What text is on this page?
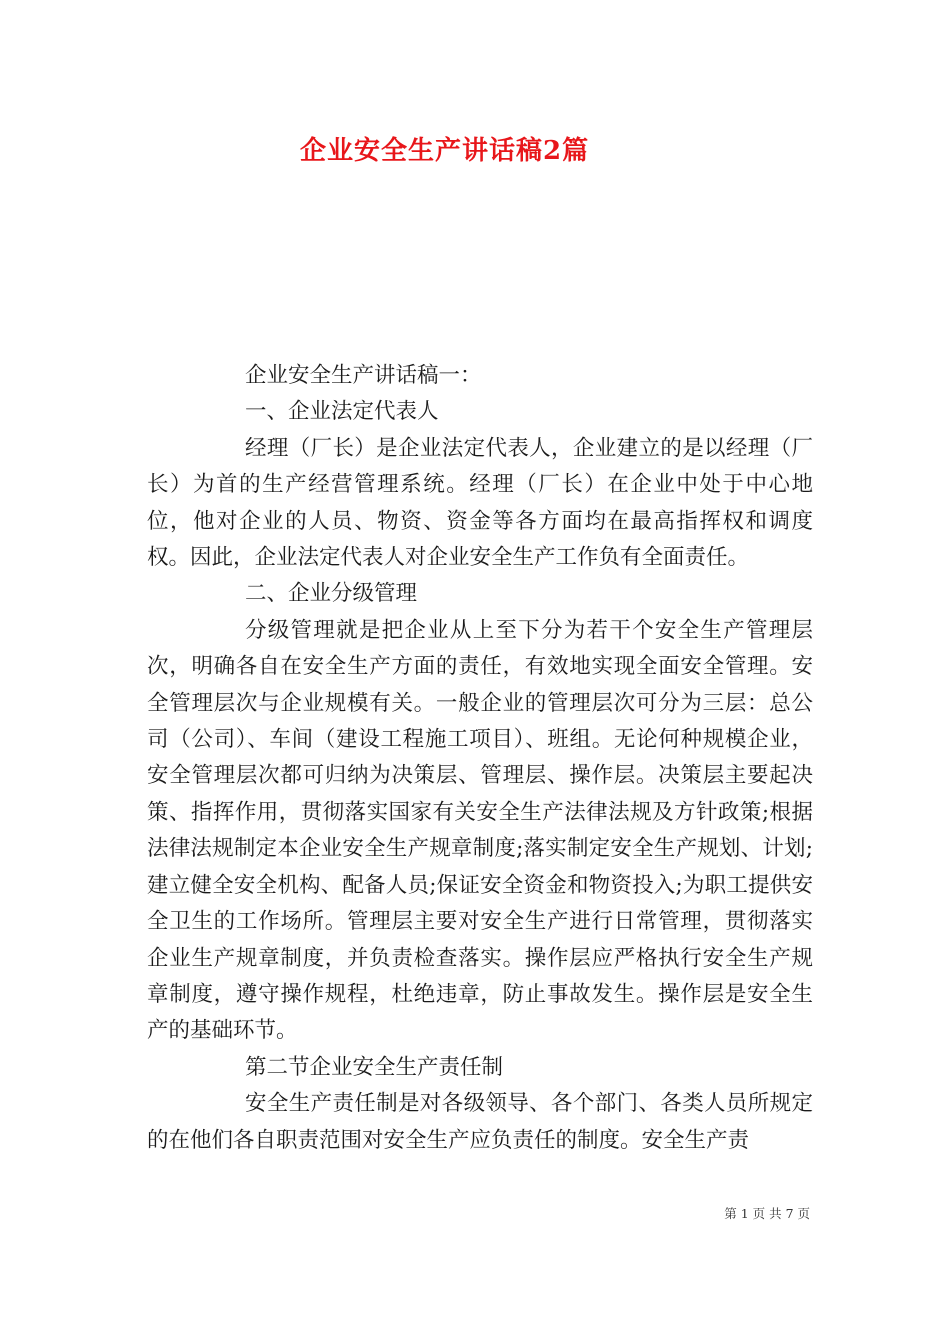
企业安全生产讲话稿2篇

企业安全生产讲话稿一：

一、企业法定代表人

经理（厂长）是企业法定代表人，企业建立的是以经理（厂长）为首的生产经营管理系统。经理（厂长）在企业中处于中心地位，他对企业的人员、物资、资金等各方面均在最高指挥权和调度权。因此，企业法定代表人对企业安全生产工作负有全面责任。

二、企业分级管理

分级管理就是把企业从上至下分为若干个安全生产管理层次，明确各自在安全生产方面的责任，有效地实现全面安全管理。安全管理层次与企业规模有关。一般企业的管理层次可分为三层：总公司（公司）、车间（建设工程施工项目）、班组。无论何种规模企业，安全管理层次都可归纳为决策层、管理层、操作层。决策层主要起决策、指挥作用，贯彻落实国家有关安全生产法律法规及方针政策;根据法律法规制定本企业安全生产规章制度;落实制定安全生产规划、计划;建立健全安全机构、配备人员;保证安全资金和物资投入;为职工提供安全卫生的工作场所。管理层主要对安全生产进行日常管理，贯彻落实企业生产规章制度，并负责检查落实。操作层应严格执行安全生产规章制度，遵守操作规程，杜绝违章，防止事故发生。操作层是安全生产的基础环节。

第二节企业安全生产责任制

安全生产责任制是对各级领导、各个部门、各类人员所规定的在他们各自职责范围对安全生产应负责任的制度。安全生产责

第 1 页 共 7 页
